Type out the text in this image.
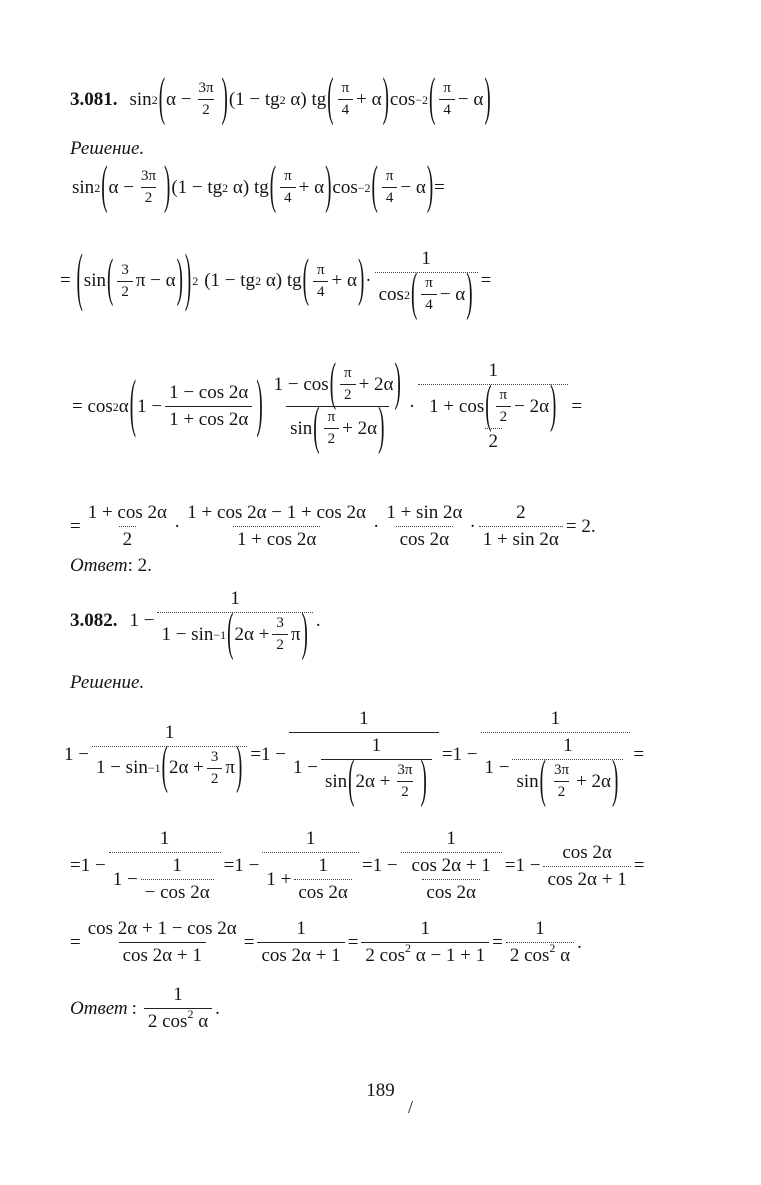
3.081. sin 2 ( $\alpha - \frac{3\pi}{2}$ ) (1 − tg 2 α) tg ( $\frac{\pi}{4} + \alpha$ ) cos −2 ( $\frac{\pi}{4} - \alpha$ )
Решение.
sin 2 ( $\alpha - \frac{3\pi}{2}$ ) (1 − tg 2 α) tg ( $\frac{\pi}{4} + \alpha$ ) cos −2 ( $\frac{\pi}{4} - \alpha$ ) =
= ( sin ( $\frac{3}{2}$ π − α ) ) 2 (1 − tg 2 α) tg ( $\frac{\pi}{4} + \alpha$ ) · $\frac{1}{\cos 2 ( \frac{\pi}{4} - \alpha )}$ =
= cos 2 α ( $1 - \frac{1 - \cos 2\alpha}{1 + \cos 2\alpha}$ ) $\frac{1 - \cos ( \frac{\pi}{2} + 2\alpha )}{\sin ( \frac{\pi}{2} + 2\alpha )} \cdot \frac{1}{\frac{1 + \cos ( \frac{\pi}{2} - 2\alpha )}{2}}$ =
= $\frac{1 + \cos 2\alpha}{2} \cdot \frac{1 + \cos 2\alpha - 1 + \cos 2\alpha}{1 + \cos 2\alpha} \cdot \frac{1 + \sin 2\alpha}{\cos 2\alpha} \cdot \frac{2}{1 + \sin 2\alpha} = 2$.
Ответ: 2.
3.082. $1 - \frac{1}{1 - \sin -1 ( 2\alpha + \frac{3}{2} \pi )}$ .
Решение.
$1 - \frac{1}{1 - \sin -1 ( 2\alpha + \frac{3}{2} \pi )} = 1 - \frac{1}{1 - \frac{1}{\sin ( 2\alpha + \frac{3\pi}{2} )}} = 1 - \frac{1}{1 - \frac{1}{\sin ( \frac{3\pi}{2} + 2\alpha )}}$ =
= $1 - \frac{1}{1 - \frac{1}{- \cos 2\alpha}} = 1 - \frac{1}{1 + \frac{1}{\cos 2\alpha}} = 1 - \frac{1}{\frac{\cos 2\alpha + 1}{\cos 2\alpha}} = 1 - \frac{\cos 2\alpha}{\cos 2\alpha + 1}$ =
= $\frac{\cos 2\alpha + 1 - \cos 2\alpha}{\cos 2\alpha + 1} = \frac{1}{\cos 2\alpha + 1} = \frac{1}{2 \cos^2 \alpha - 1 + 1} = \frac{1}{2 \cos^2 \alpha}$ .
Ответ : $\frac{1}{2 \cos^2 \alpha}$ .
189
/
